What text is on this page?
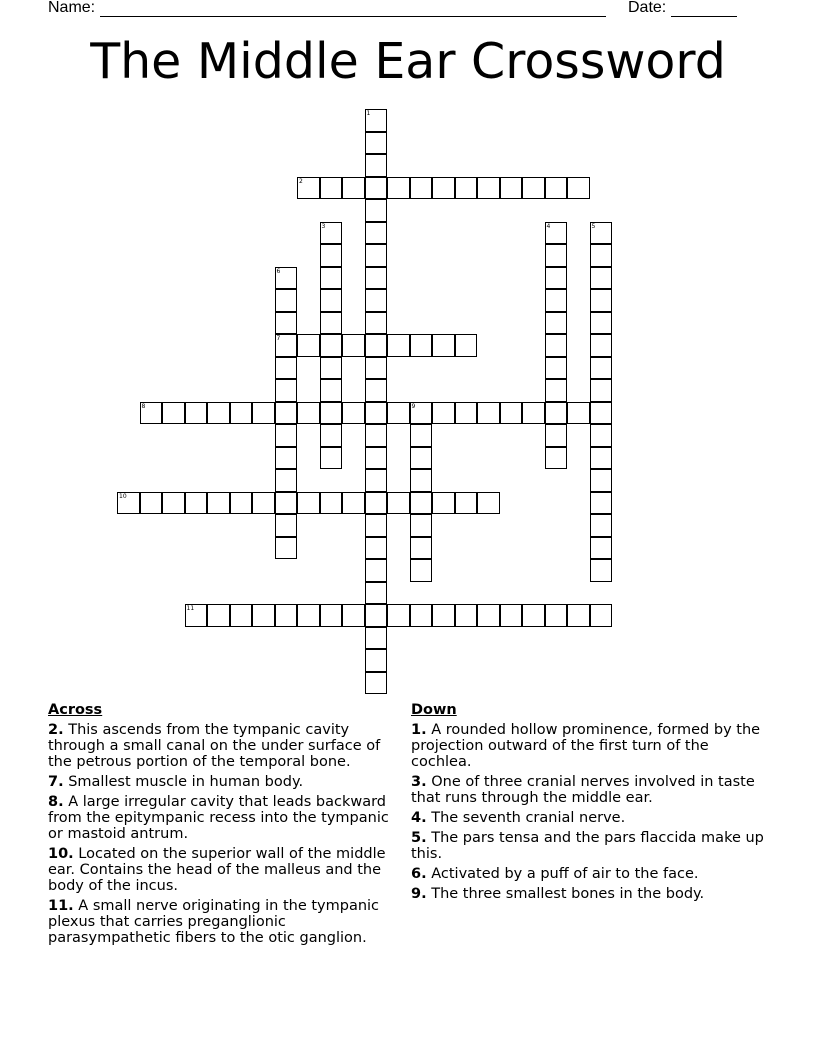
Name:	Date:
The Middle Ear Crossword
1
2
3	4	5
6
7
8	9
10
11
Across
2. This ascends from the tympanic cavity through a small canal on the under surface of the petrous portion of the temporal bone.
7. Smallest muscle in human body.
8. A large irregular cavity that leads backward from the epitympanic recess into the tympanic or mastoid antrum.
10. Located on the superior wall of the middle ear. Contains the head of the malleus and the body of the incus.
11. A small nerve originating in the tympanic plexus that carries preganglionic parasympathetic fibers to the otic ganglion.
Down
1. A rounded hollow prominence, formed by the projection outward of the first turn of the cochlea.
3. One of three cranial nerves involved in taste that runs through the middle ear.
4. The seventh cranial nerve.
5. The pars tensa and the pars flaccida make up this.
6. Activated by a puff of air to the face.
9. The three smallest bones in the body.
